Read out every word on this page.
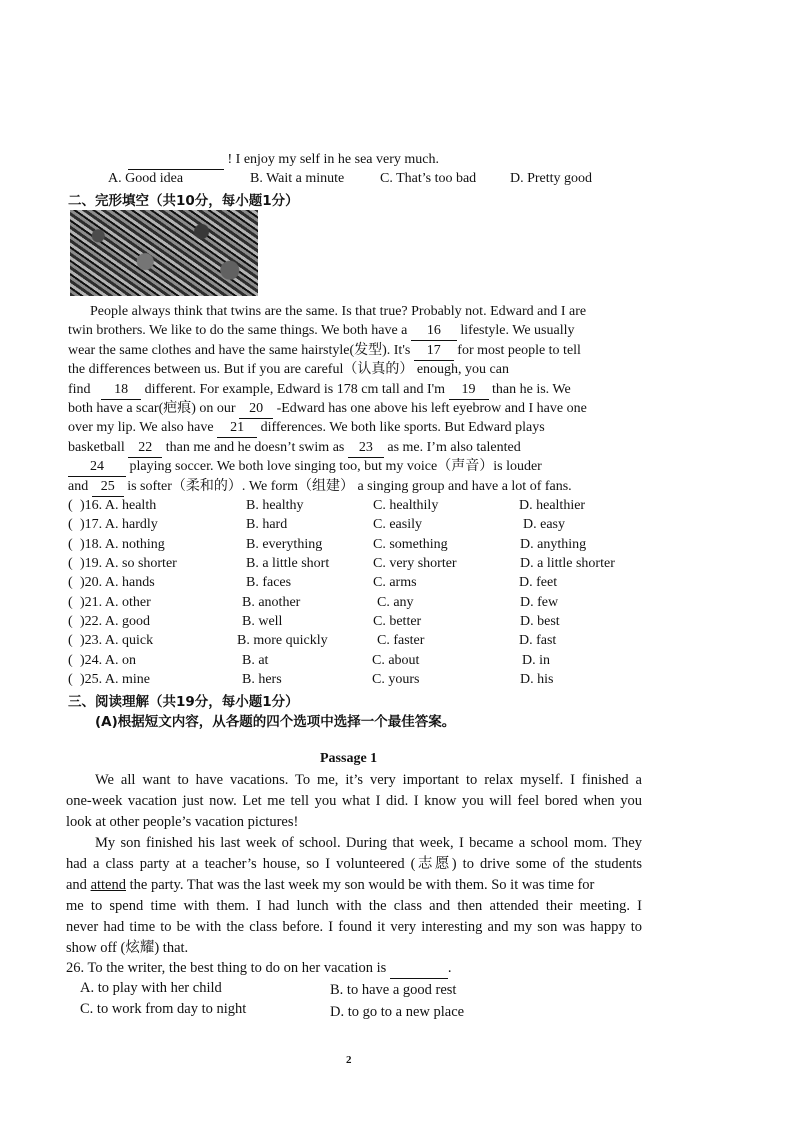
! I enjoy my self in he sea very much.
A. Good idea	B. Wait a minute	C. That’s too bad D. Pretty good
二、完形填空（共10分，每小题1分）
People always think that twins are the same. Is that true? Probably not. Edward and I are
twin brothers. We like to do the same things. We both have a 16 lifestyle. We usually
wear the same clothes and have the same hairstyle(发型). It's 17 for most people to tell
the differences between us. But if you are careful（认真的） enough, you can
find 18 different. For example, Edward is 178 cm tall and I'm 19 than he is. We
both have a scar(疤痕) on our 20 -Edward has one above his left eyebrow and I have one
over my lip. We also have 21 differences. We both like sports. But Edward plays
basketball 22 than me and he doesn’t swim as 23 as me. I’m also talented
24 playing soccer. We both love singing too, but my voice（声音）is louder
and 25 is softer（柔和的）. We form（组建） a singing group and have a lot of fans.
( )16. A. health	B. healthy	C. healthily	D. healthier
( )17. A. hardly	B. hard	C. easily	D. easy
( )18. A. nothing	B. everything	C. something	D. anything
( )19. A. so shorter	B. a little short	C. very shorter	D. a little shorter
( )20. A. hands	B. faces	C. arms	D. feet
( )21. A. other	B. another	C. any	D. few
( )22. A. good	B. well	C. better	D. best
( )23. A. quick	B. more quickly	C. faster	D. fast
( )24. A. on	B. at	C. about	D. in
( )25. A. mine	B. hers	C. yours	D. his
三、阅读理解（共19分，每小题1分）
(A)根据短文内容，从各题的四个选项中选择一个最佳答案。
Passage 1
We all want to have vacations. To me, it’s very important to relax myself. I finished a
one-week vacation just now. Let me tell you what I did. I know you will feel bored when you
look at other people’s vacation pictures!
My son finished his last week of school. During that week, I became a school mom. They
had a class party at a teacher’s house, so I volunteered (志愿) to drive some of the students
and attend the party. That was the last week my son would be with them. So it was time for
me to spend time with them. I had lunch with the class and then attended their meeting. I
never had time to be with the class before. I found it very interesting and my son was happy to
show off (炫耀) that.
26. To the writer, the best thing to do on her vacation is	.
A. to play with her child	B. to have a good rest
C. to work from day to night	D. to go to a new place
2
